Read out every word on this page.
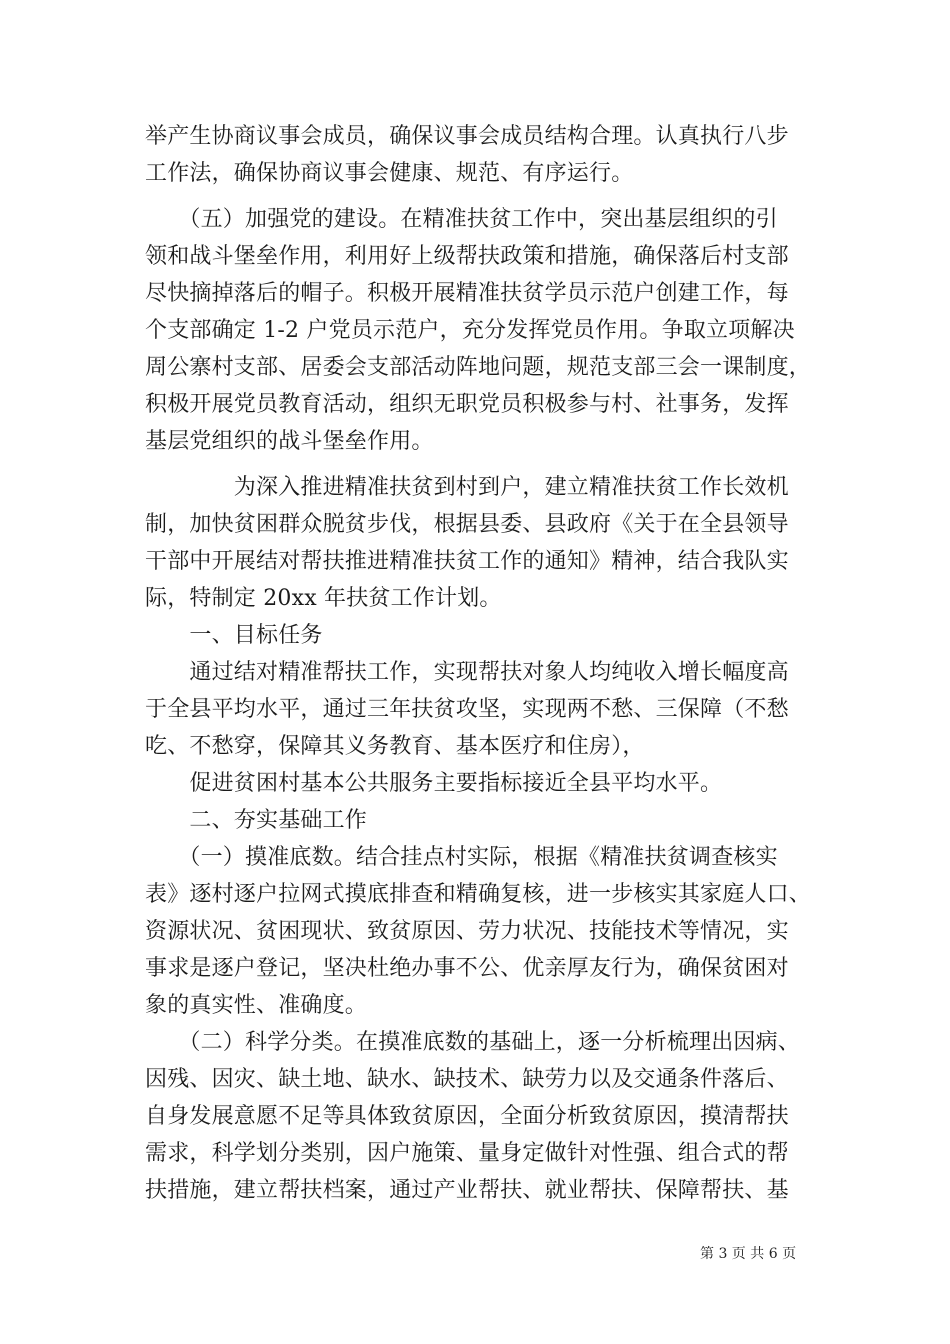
举产生协商议事会成员，确保议事会成员结构合理。认真执行八步
工作法，确保协商议事会健康、规范、有序运行。
　　（五）加强党的建设。在精准扶贫工作中，突出基层组织的引
领和战斗堡垒作用，利用好上级帮扶政策和措施，确保落后村支部
尽快摘掉落后的帽子。积极开展精准扶贫学员示范户创建工作，每
个支部确定 1-2 户党员示范户，充分发挥党员作用。争取立项解决
周公寨村支部、居委会支部活动阵地问题，规范支部三会一课制度，
积极开展党员教育活动，组织无职党员积极参与村、社事务，发挥
基层党组织的战斗堡垒作用。
　　　　为深入推进精准扶贫到村到户，建立精准扶贫工作长效机
制，加快贫困群众脱贫步伐，根据县委、县政府《关于在全县领导
干部中开展结对帮扶推进精准扶贫工作的通知》精神，结合我队实
际，特制定 20xx 年扶贫工作计划。
　　一、目标任务
　　通过结对精准帮扶工作，实现帮扶对象人均纯收入增长幅度高
于全县平均水平，通过三年扶贫攻坚，实现两不愁、三保障（不愁
吃、不愁穿，保障其义务教育、基本医疗和住房），
　　促进贫困村基本公共服务主要指标接近全县平均水平。
　　二、夯实基础工作
　　（一）摸准底数。结合挂点村实际，根据《精准扶贫调查核实
表》逐村逐户拉网式摸底排查和精确复核，进一步核实其家庭人口、
资源状况、贫困现状、致贫原因、劳力状况、技能技术等情况，实
事求是逐户登记，坚决杜绝办事不公、优亲厚友行为，确保贫困对
象的真实性、准确度。
　　（二）科学分类。在摸准底数的基础上，逐一分析梳理出因病、
因残、因灾、缺土地、缺水、缺技术、缺劳力以及交通条件落后、
自身发展意愿不足等具体致贫原因，全面分析致贫原因，摸清帮扶
需求，科学划分类别，因户施策、量身定做针对性强、组合式的帮
扶措施，建立帮扶档案，通过产业帮扶、就业帮扶、保障帮扶、基
第 3 页 共 6 页
